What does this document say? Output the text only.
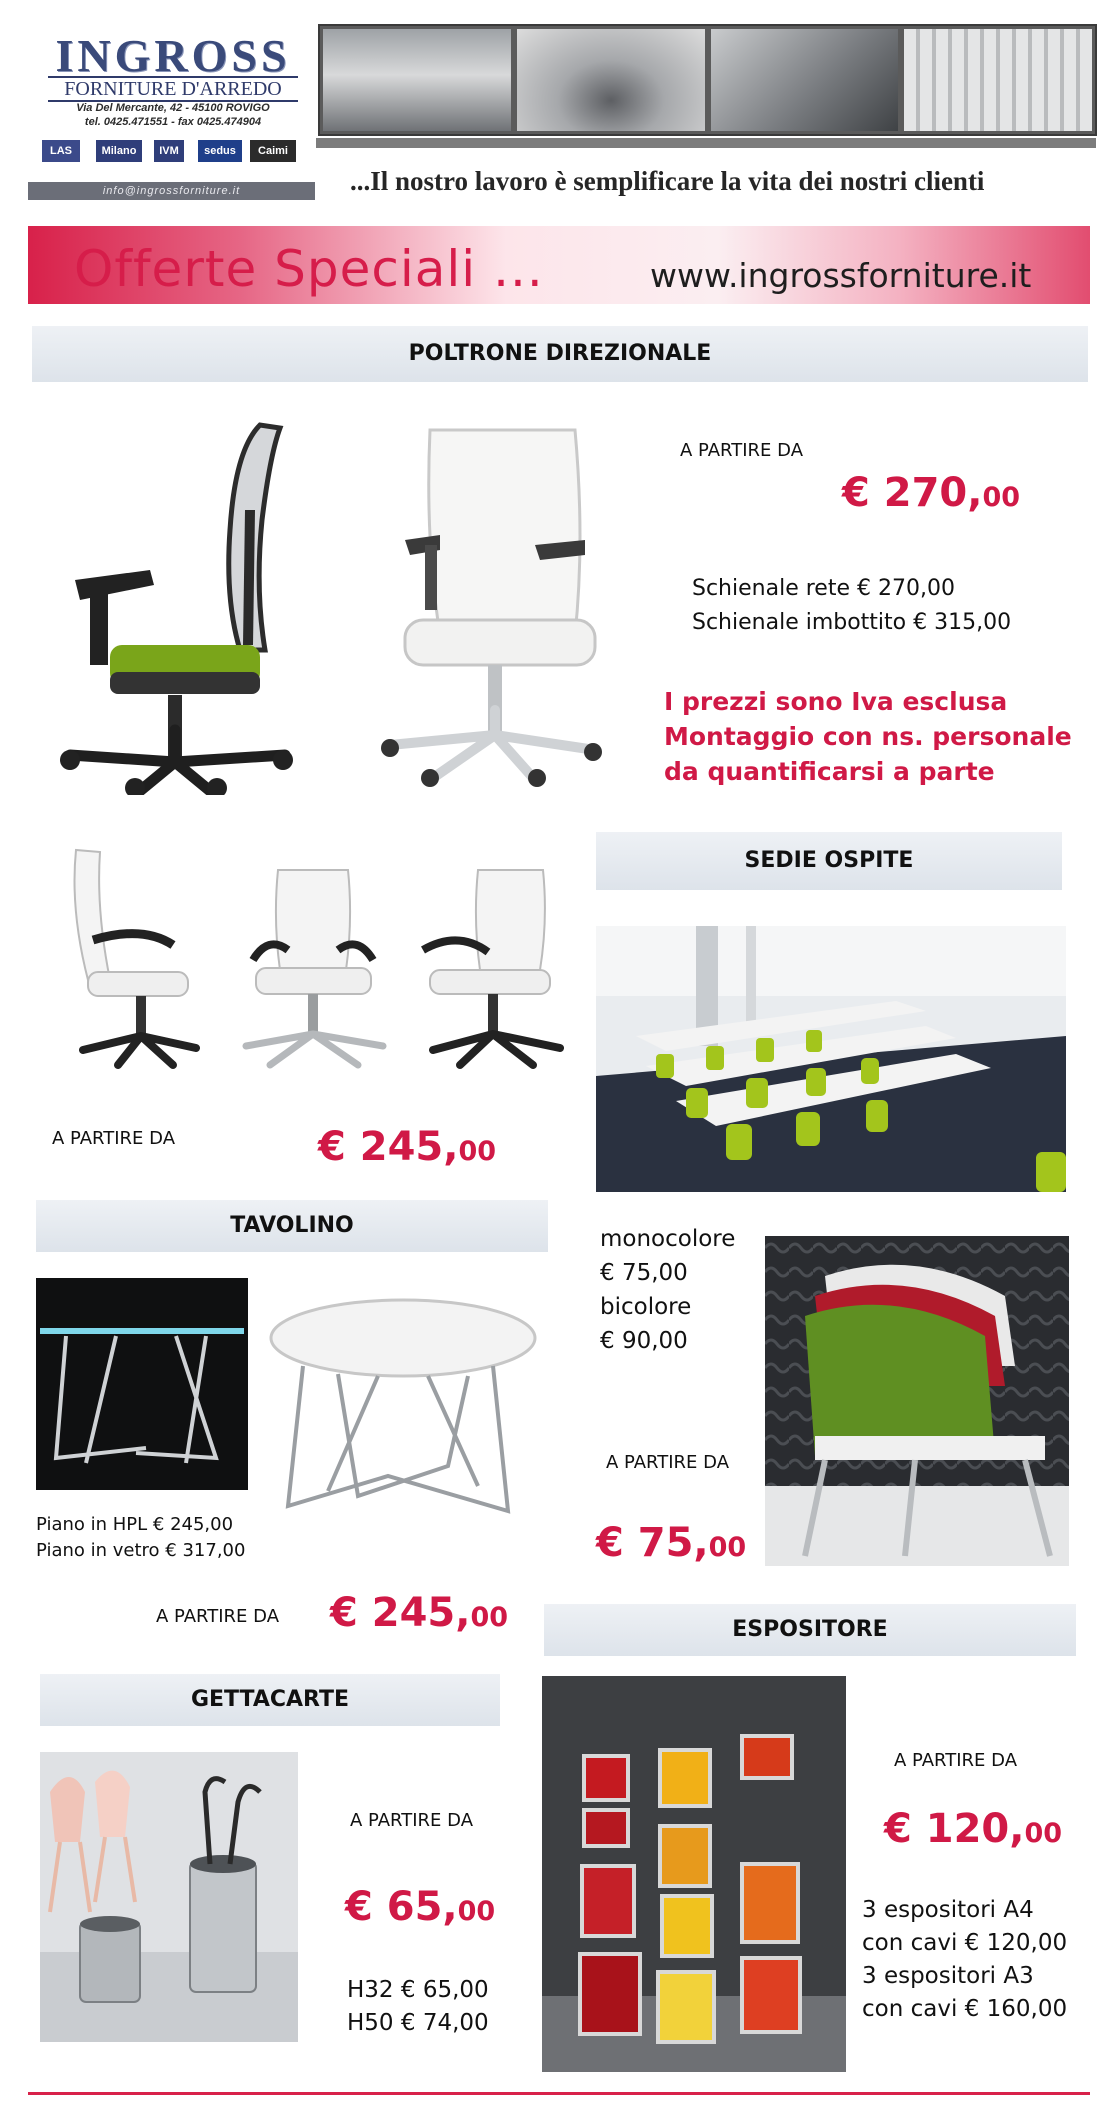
INGROSS
FORNITURE D'ARREDO
Via Del Mercante, 42 - 45100 ROVIGO
tel. 0425.471551 - fax 0425.474904
LAS	Milano	IVM	sedus	Caimi
info@ingrossforniture.it	...Il nostro lavoro è semplificare la vita dei nostri clienti
Offerte Speciali ...	www.ingrossforniture.it
POLTRONE DIREZIONALE
A PARTIRE DA
€ 270,00
Schienale rete € 270,00
Schienale imbottito € 315,00
I prezzi sono Iva esclusa
Montaggio con ns. personale
da quantificarsi a parte
A PARTIRE DA	€ 245,00
SEDIE OSPITE
monocolore
€ 75,00
bicolore
€ 90,00
A PARTIRE DA
€ 75,00
TAVOLINO
Piano in HPL € 245,00
Piano in vetro € 317,00
A PARTIRE DA € 245,00	ESPOSITORE
A PARTIRE DA
€ 120,00
3 espositori A4
con cavi € 120,00
3 espositori A3
con cavi € 160,00
GETTACARTE
A PARTIRE DA
€ 65,00
H32 € 65,00
H50 € 74,00
